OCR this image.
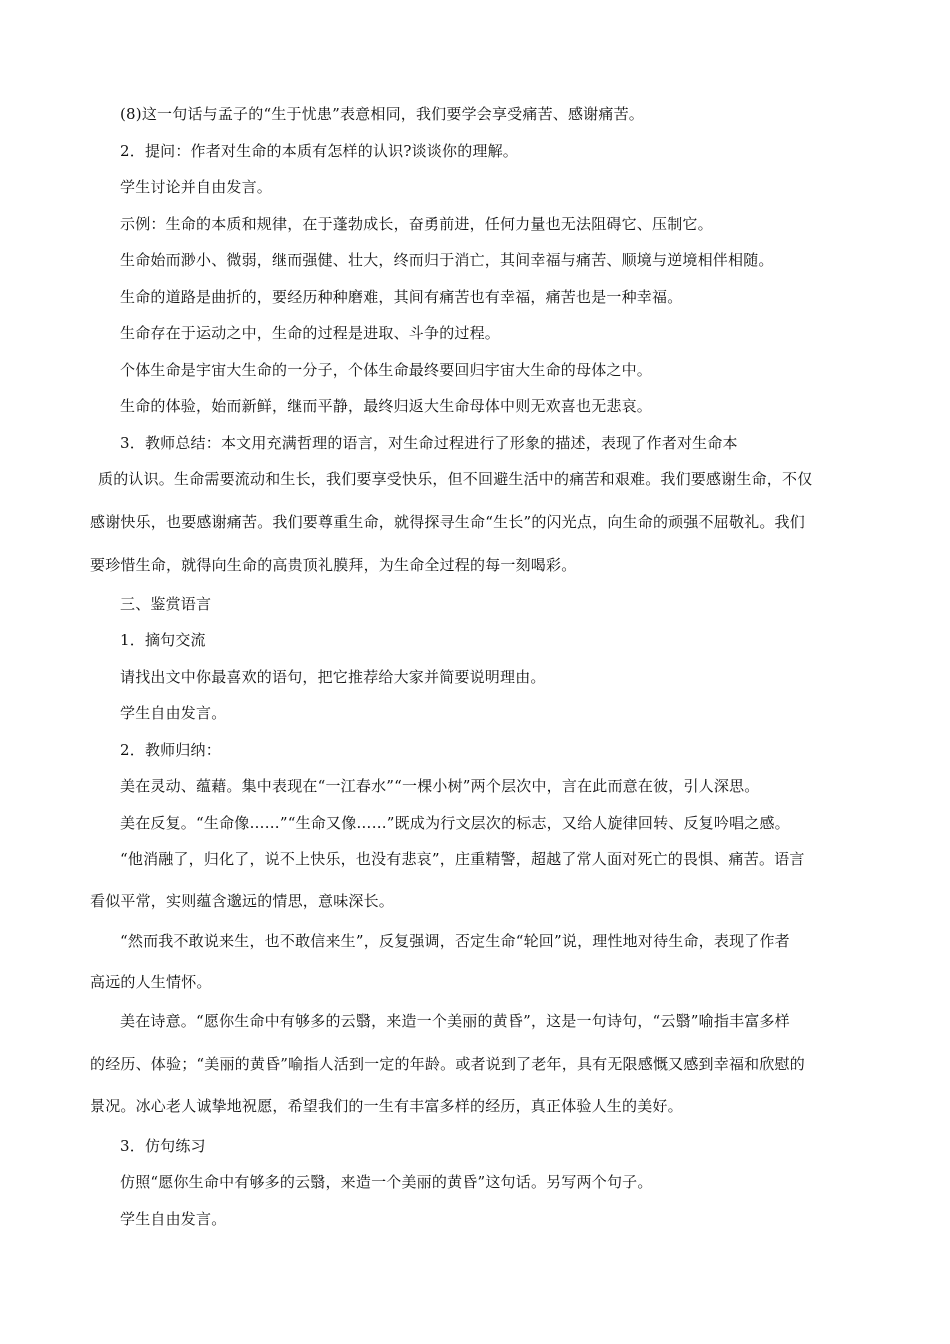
(8)这一句话与孟子的“生于忧患”表意相同，我们要学会享受痛苦、感谢痛苦。
2．提问：作者对生命的本质有怎样的认识?谈谈你的理解。
学生讨论并自由发言。
示例：生命的本质和规律，在于蓬勃成长，奋勇前进，任何力量也无法阻碍它、压制它。
生命始而渺小、微弱，继而强健、壮大，终而归于消亡，其间幸福与痛苦、顺境与逆境相伴相随。
生命的道路是曲折的，要经历种种磨难，其间有痛苦也有幸福，痛苦也是一种幸福。
生命存在于运动之中，生命的过程是进取、斗争的过程。
个体生命是宇宙大生命的一分子，个体生命最终要回归宇宙大生命的母体之中。
生命的体验，始而新鲜，继而平静，最终归返大生命母体中则无欢喜也无悲哀。
3．教师总结：本文用充满哲理的语言，对生命过程进行了形象的描述，表现了作者对生命本
质的认识。生命需要流动和生长，我们要享受快乐，但不回避生活中的痛苦和艰难。我们要感谢生命，不仅
感谢快乐，也要感谢痛苦。我们要尊重生命，就得探寻生命“生长”的闪光点，向生命的顽强不屈敬礼。我们
要珍惜生命，就得向生命的高贵顶礼膜拜，为生命全过程的每一刻喝彩。
三、鉴赏语言
1．摘句交流
请找出文中你最喜欢的语句，把它推荐给大家并简要说明理由。
学生自由发言。
2．教师归纳：
美在灵动、蕴藉。集中表现在“一江春水”“一棵小树”两个层次中，言在此而意在彼，引人深思。
美在反复。“生命像……”“生命又像……”既成为行文层次的标志，又给人旋律回转、反复吟唱之感。
“他消融了，归化了，说不上快乐，也没有悲哀”，庄重精警，超越了常人面对死亡的畏惧、痛苦。语言
看似平常，实则蕴含邈远的情思，意味深长。
“然而我不敢说来生，也不敢信来生”，反复强调，否定生命“轮回”说，理性地对待生命，表现了作者
高远的人生情怀。
美在诗意。“愿你生命中有够多的云翳，来造一个美丽的黄昏”，这是一句诗句，“云翳”喻指丰富多样
的经历、体验；“美丽的黄昏”喻指人活到一定的年龄。或者说到了老年，具有无限感慨又感到幸福和欣慰的
景况。冰心老人诚挚地祝愿，希望我们的一生有丰富多样的经历，真正体验人生的美好。
3．仿句练习
仿照“愿你生命中有够多的云翳，来造一个美丽的黄昏”这句话。另写两个句子。
学生自由发言。
